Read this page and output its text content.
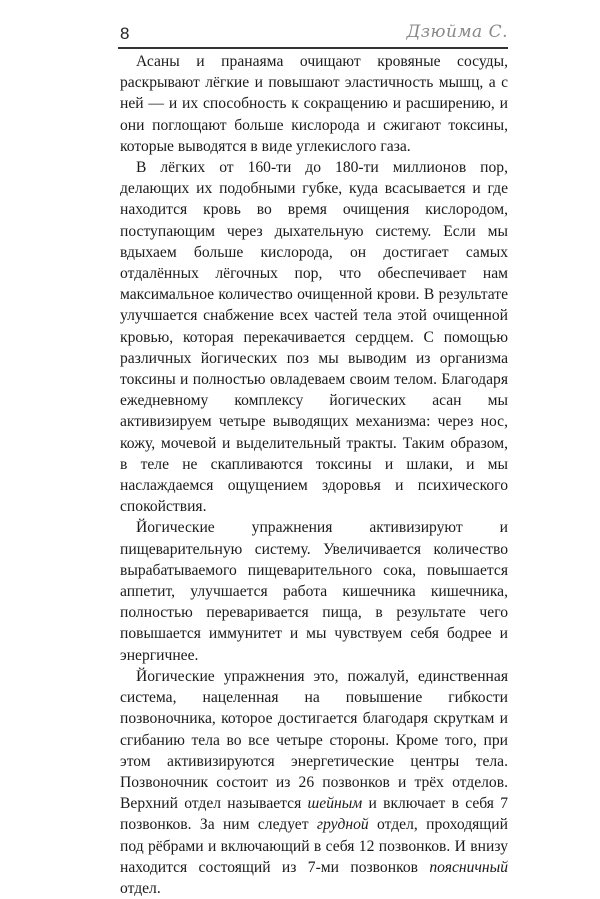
8	Дзюйма С.

Асаны и пранаяма очищают кровяные сосуды, раскрывают лёгкие и повышают эластичность мышц, а с ней — и их способность к сокращению и расширению, и они поглощают больше кислорода и сжигают токсины, которые выводятся в виде углекислого газа.

В лёгких от 160-ти до 180-ти миллионов пор, делающих их подобными губке, куда всасывается и где находится кровь во время очищения кислородом, поступающим через дыхательную систему. Если мы вдыхаем больше кислорода, он достигает самых отдалённых лёгочных пор, что обеспечивает нам максимальное количество очищенной крови. В результате улучшается снабжение всех частей тела этой очищенной кровью, которая перекачивается сердцем. С помощью различных йогических поз мы выводим из организма токсины и полностью овладеваем своим телом. Благодаря ежедневному комплексу йогических асан мы активизируем четыре выводящих механизма: через нос, кожу, мочевой и выделительный тракты. Таким образом, в теле не скапливаются токсины и шлаки, и мы наслаждаемся ощущением здоровья и психического спокойствия.

Йогические упражнения активизируют и пищеварительную систему. Увеличивается количество вырабатываемого пищеварительного сока, повышается аппетит, улучшается работа кишечника кишечника, полностью переваривается пища, в результате чего повышается иммунитет и мы чувствуем себя бодрее и энергичнее.

Йогические упражнения это, пожалуй, единственная система, нацеленная на повышение гибкости позвоночника, которое достигается благодаря скруткам и сгибанию тела во все четыре стороны. Кроме того, при этом активизируются энергетические центры тела. Позвоночник состоит из 26 позвонков и трёх отделов. Верхний отдел называется шейным и включает в себя 7 позвонков. За ним следует грудной отдел, проходящий под рёбрами и включающий в себя 12 позвонков. И внизу находится состоящий из 7-ми позвонков поясничный отдел.
